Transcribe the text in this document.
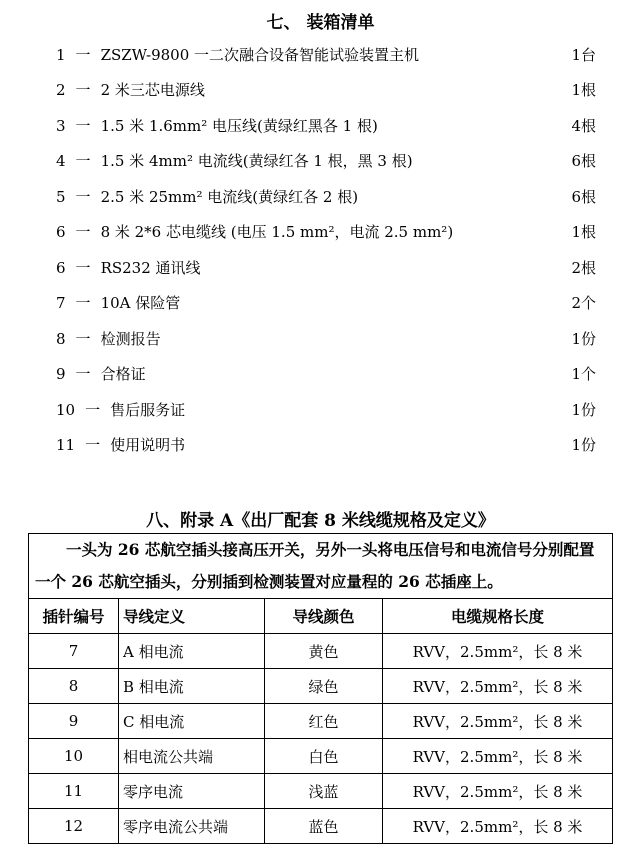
七、 装箱清单
1 一 ZSZW-9800 一二次融合设备智能试验装置主机	1台
2 一 2 米三芯电源线	1根
3 一 1.5 米 1.6mm² 电压线(黄绿红黑各 1 根)	4根
4 一 1.5 米 4mm² 电流线(黄绿红各 1 根，黑 3 根)	6根
5 一 2.5 米 25mm² 电流线(黄绿红各 2 根)	6根
6 一 8 米 2*6 芯电缆线 (电压 1.5 mm²，电流 2.5 mm²)	1根
6 一 RS232 通讯线	2根
7 一 10A 保险管	2个
8 一 检测报告	1份
9 一 合格证	1个
10 一 售后服务证	1份
11 一 使用说明书	1份
八、附录 A《出厂配套 8 米线缆规格及定义》
一头为 26 芯航空插头接高压开关，另外一头将电压信号和电流信号分别配置一个 26 芯航空插头，分别插到检测装置对应量程的 26 芯插座上。			
插针编号	导线定义	导线颜色	电缆规格长度
7	A 相电流	黄色	RVV，2.5mm²，长 8 米
8	B 相电流	绿色	RVV，2.5mm²，长 8 米
9	C 相电流	红色	RVV，2.5mm²，长 8 米
10	相电流公共端	白色	RVV，2.5mm²，长 8 米
11	零序电流	浅蓝	RVV，2.5mm²，长 8 米
12	零序电流公共端	蓝色	RVV，2.5mm²，长 8 米
